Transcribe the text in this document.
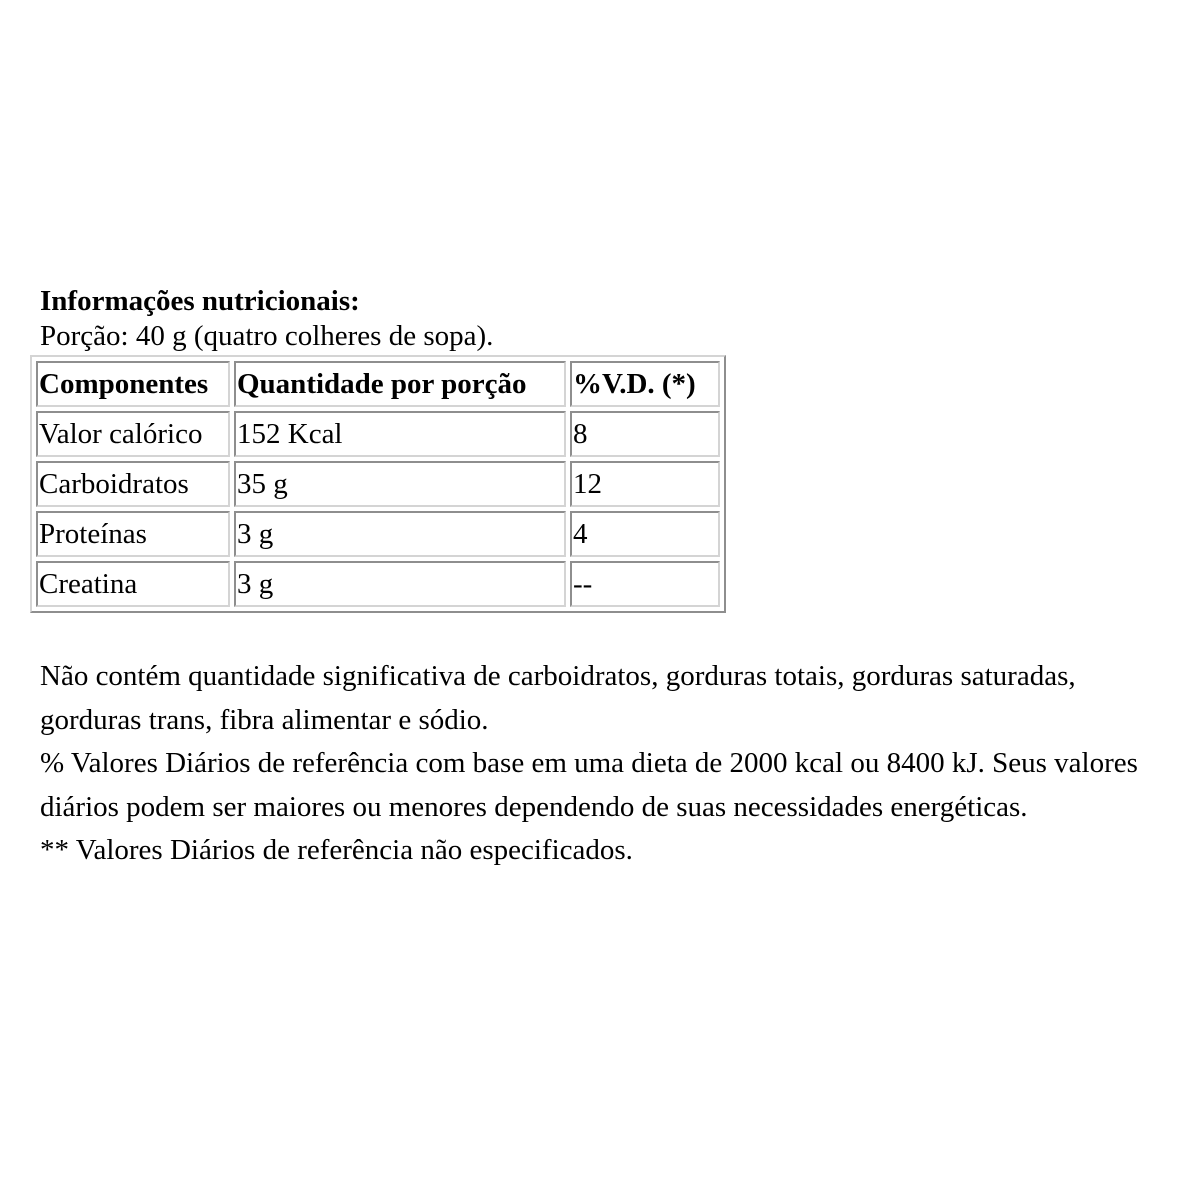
Informações nutricionais:

Porção: 40 g (quatro colheres de sopa).

Componentes	Quantidade por porção	%V.D. (*)
Valor calórico	152 Kcal	8
Carboidratos	35 g	12
Proteínas	3 g	4
Creatina	3 g	--

Não contém quantidade significativa de carboidratos, gorduras totais, gorduras saturadas, gorduras trans, fibra alimentar e sódio.

% Valores Diários de referência com base em uma dieta de 2000 kcal ou 8400 kJ. Seus valores diários podem ser maiores ou menores dependendo de suas necessidades energéticas.

** Valores Diários de referência não especificados.
